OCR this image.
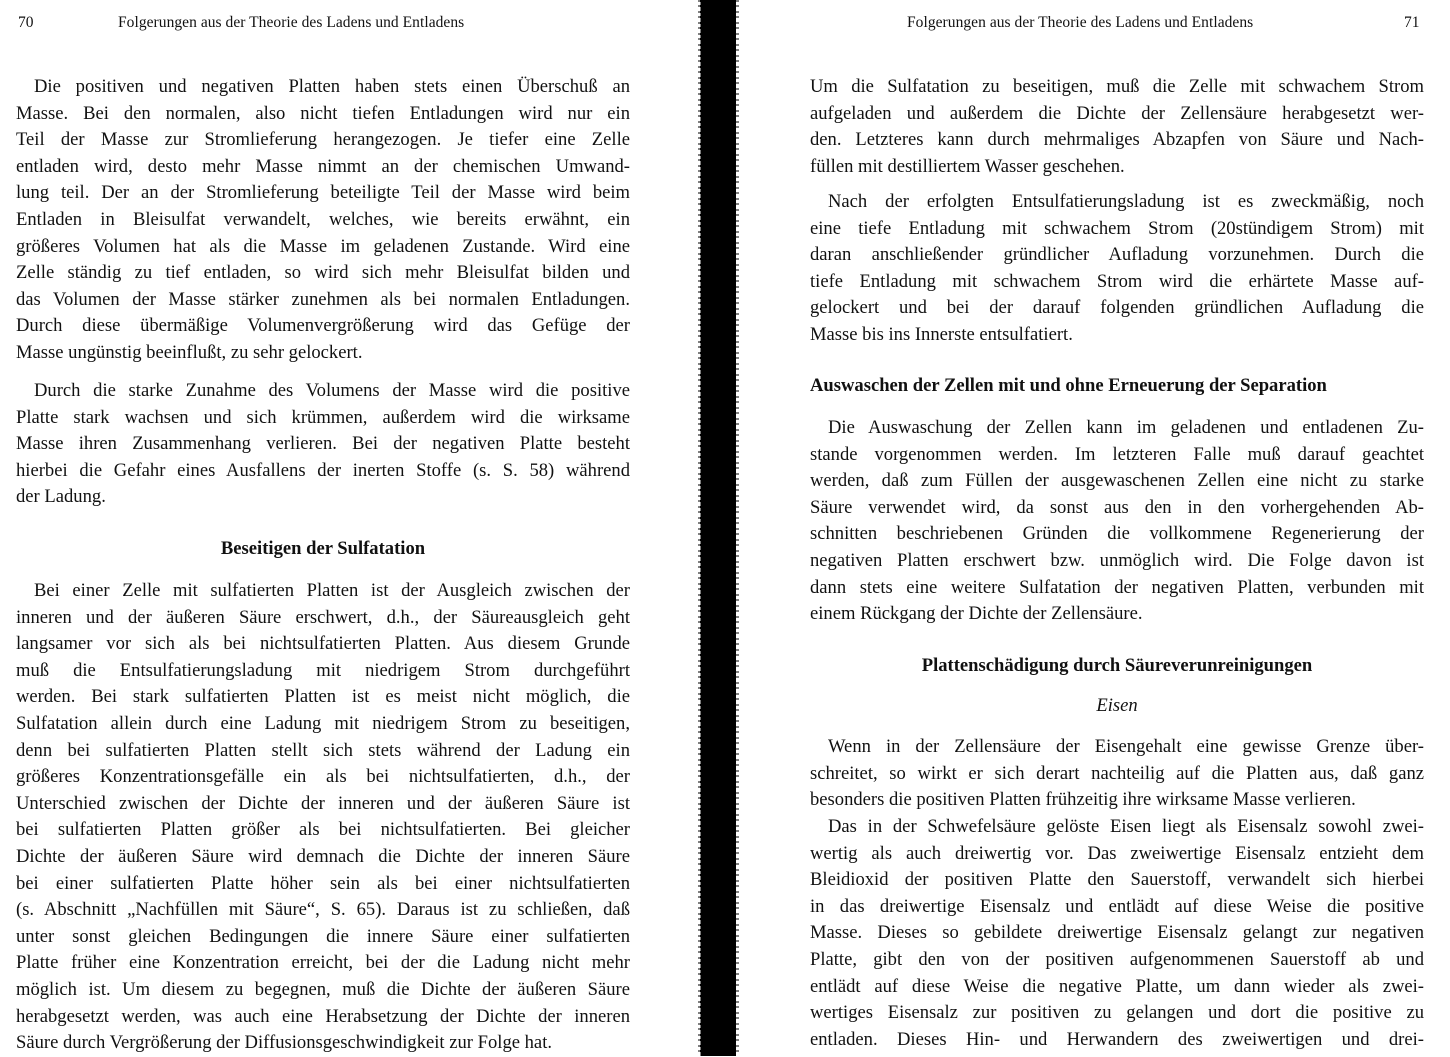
70	Folgerungen aus der Theorie des Ladens und Entladens
Die positiven und negativen Platten haben stets einen Überschuß an
Masse. Bei den normalen, also nicht tiefen Entladungen wird nur ein
Teil der Masse zur Stromlieferung herangezogen. Je tiefer eine Zelle
entladen wird, desto mehr Masse nimmt an der chemischen Umwand-
lung teil. Der an der Stromlieferung beteiligte Teil der Masse wird beim
Entladen in Bleisulfat verwandelt, welches, wie bereits erwähnt, ein
größeres Volumen hat als die Masse im geladenen Zustande. Wird eine
Zelle ständig zu tief entladen, so wird sich mehr Bleisulfat bilden und
das Volumen der Masse stärker zunehmen als bei normalen Entladungen.
Durch diese übermäßige Volumenvergrößerung wird das Gefüge der
Masse ungünstig beeinflußt, zu sehr gelockert.
Durch die starke Zunahme des Volumens der Masse wird die positive
Platte stark wachsen und sich krümmen, außerdem wird die wirksame
Masse ihren Zusammenhang verlieren. Bei der negativen Platte besteht
hierbei die Gefahr eines Ausfallens der inerten Stoffe (s. S. 58) während
der Ladung.
Beseitigen der Sulfatation
Bei einer Zelle mit sulfatierten Platten ist der Ausgleich zwischen der
inneren und der äußeren Säure erschwert, d.h., der Säureausgleich geht
langsamer vor sich als bei nichtsulfatierten Platten. Aus diesem Grunde
muß die Entsulfatierungsladung mit niedrigem Strom durchgeführt
werden. Bei stark sulfatierten Platten ist es meist nicht möglich, die
Sulfatation allein durch eine Ladung mit niedrigem Strom zu beseitigen,
denn bei sulfatierten Platten stellt sich stets während der Ladung ein
größeres Konzentrationsgefälle ein als bei nichtsulfatierten, d.h., der
Unterschied zwischen der Dichte der inneren und der äußeren Säure ist
bei sulfatierten Platten größer als bei nichtsulfatierten. Bei gleicher
Dichte der äußeren Säure wird demnach die Dichte der inneren Säure
bei einer sulfatierten Platte höher sein als bei einer nichtsulfatierten
(s. Abschnitt „Nachfüllen mit Säure“, S. 65). Daraus ist zu schließen, daß
unter sonst gleichen Bedingungen die innere Säure einer sulfatierten
Platte früher eine Konzentration erreicht, bei der die Ladung nicht mehr
möglich ist. Um diesem zu begegnen, muß die Dichte der äußeren Säure
herabgesetzt werden, was auch eine Herabsetzung der Dichte der inneren
Säure durch Vergrößerung der Diffusionsgeschwindigkeit zur Folge hat.
Folgerungen aus der Theorie des Ladens und Entladens	71
Um die Sulfatation zu beseitigen, muß die Zelle mit schwachem Strom
aufgeladen und außerdem die Dichte der Zellensäure herabgesetzt wer-
den. Letzteres kann durch mehrmaliges Abzapfen von Säure und Nach-
füllen mit destilliertem Wasser geschehen.
Nach der erfolgten Entsulfatierungsladung ist es zweckmäßig, noch
eine tiefe Entladung mit schwachem Strom (20stündigem Strom) mit
daran anschließender gründlicher Aufladung vorzunehmen. Durch die
tiefe Entladung mit schwachem Strom wird die erhärtete Masse auf-
gelockert und bei der darauf folgenden gründlichen Aufladung die
Masse bis ins Innerste entsulfatiert.
Auswaschen der Zellen mit und ohne Erneuerung der Separation
Die Auswaschung der Zellen kann im geladenen und entladenen Zu-
stande vorgenommen werden. Im letzteren Falle muß darauf geachtet
werden, daß zum Füllen der ausgewaschenen Zellen eine nicht zu starke
Säure verwendet wird, da sonst aus den in den vorhergehenden Ab-
schnitten beschriebenen Gründen die vollkommene Regenerierung der
negativen Platten erschwert bzw. unmöglich wird. Die Folge davon ist
dann stets eine weitere Sulfatation der negativen Platten, verbunden mit
einem Rückgang der Dichte der Zellensäure.
Plattenschädigung durch Säureverunreinigungen
Eisen
Wenn in der Zellensäure der Eisengehalt eine gewisse Grenze über-
schreitet, so wirkt er sich derart nachteilig auf die Platten aus, daß ganz
besonders die positiven Platten frühzeitig ihre wirksame Masse verlieren.
Das in der Schwefelsäure gelöste Eisen liegt als Eisensalz sowohl zwei-
wertig als auch dreiwertig vor. Das zweiwertige Eisensalz entzieht dem
Bleidioxid der positiven Platte den Sauerstoff, verwandelt sich hierbei
in das dreiwertige Eisensalz und entlädt auf diese Weise die positive
Masse. Dieses so gebildete dreiwertige Eisensalz gelangt zur negativen
Platte, gibt den von der positiven aufgenommenen Sauerstoff ab und
entlädt auf diese Weise die negative Platte, um dann wieder als zwei-
wertiges Eisensalz zur positiven zu gelangen und dort die positive zu
entladen. Dieses Hin- und Herwandern des zweiwertigen und drei-
